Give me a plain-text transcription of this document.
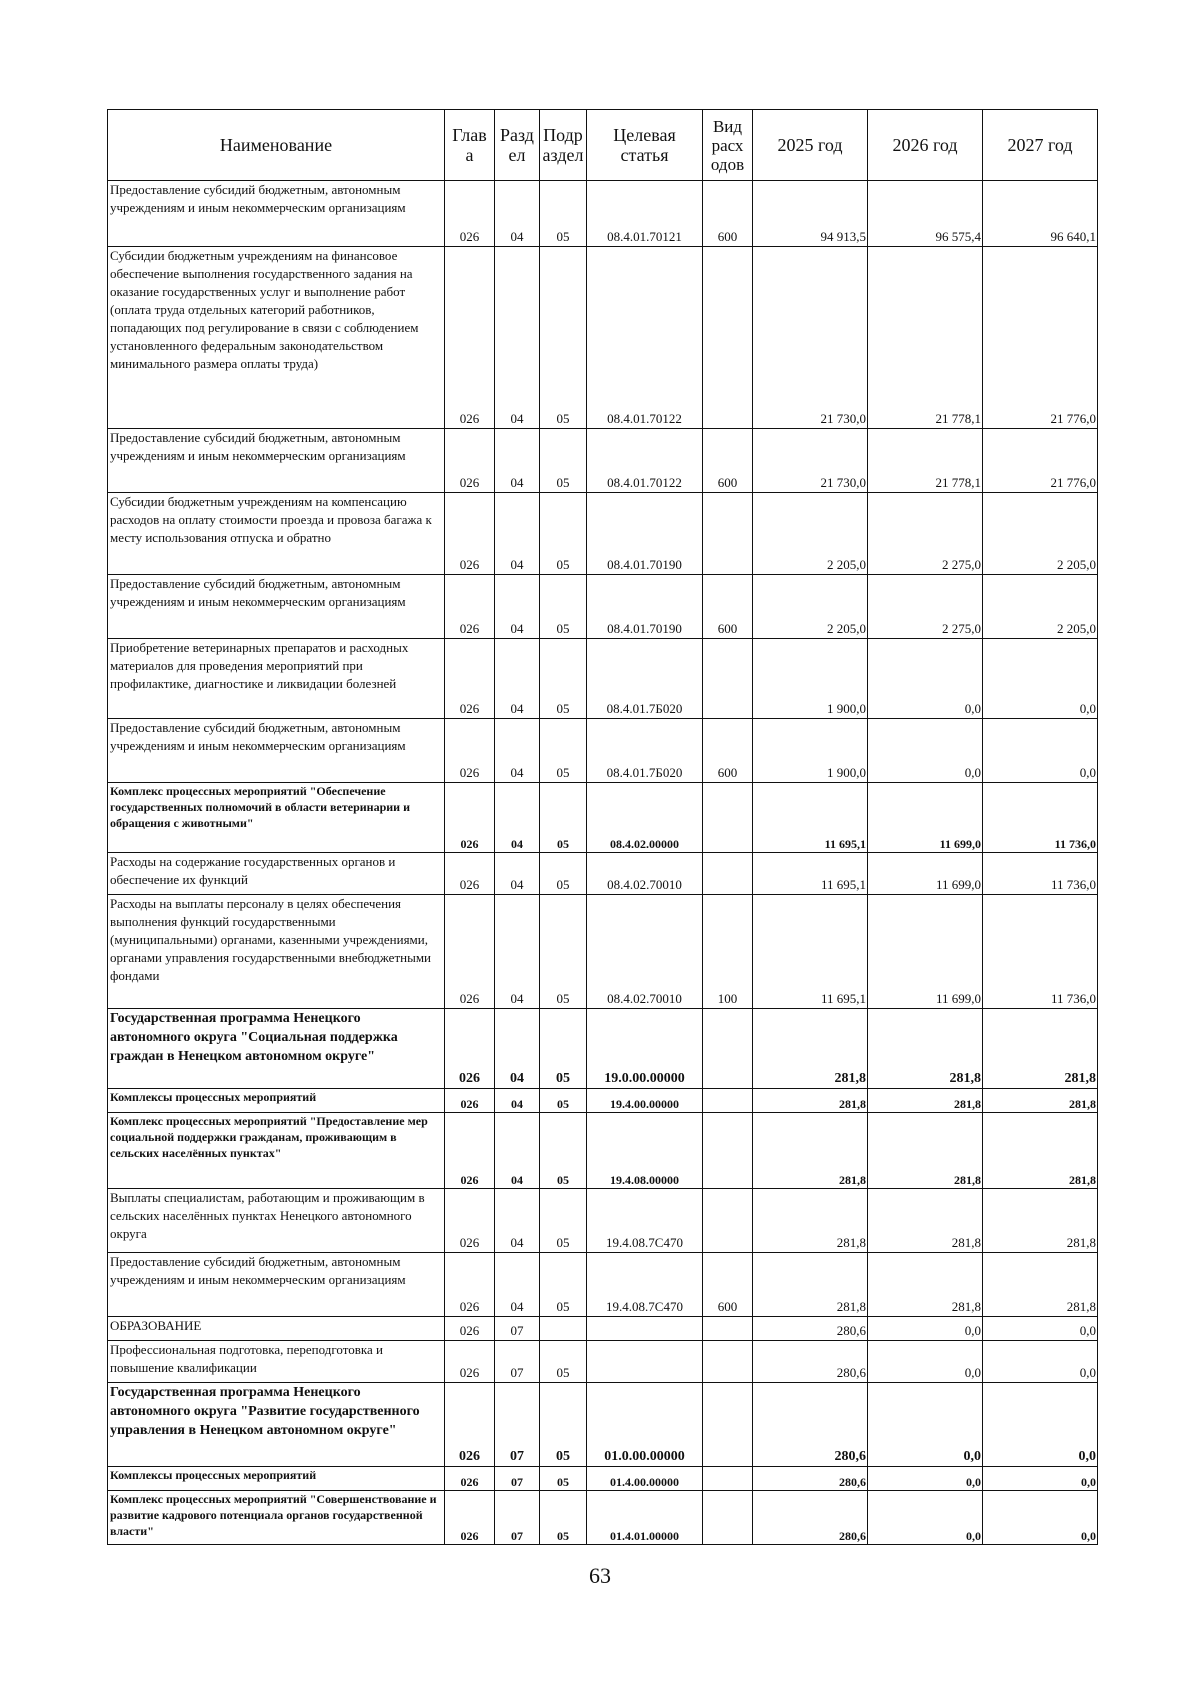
Наименование	Глав а	Разд ел	Подр аздел	Целевая статья	Вид расх одов	2025 год	2026 год	2027 год
Предоставление субсидий бюджетным, автономным учреждениям и иным некоммерческим организациям	026	04	05	08.4.01.70121	600	94 913,5	96 575,4	96 640,1
Субсидии бюджетным учреждениям на финансовое обеспечение выполнения государственного задания на оказание государственных услуг и выполнение работ (оплата труда отдельных категорий работников, попадающих под регулирование в связи с соблюдением установленного федеральным законодательством минимального размера оплаты труда)	026	04	05	08.4.01.70122		21 730,0	21 778,1	21 776,0
Предоставление субсидий бюджетным, автономным учреждениям и иным некоммерческим организациям	026	04	05	08.4.01.70122	600	21 730,0	21 778,1	21 776,0
Субсидии бюджетным учреждениям на компенсацию расходов на оплату стоимости проезда и провоза багажа к месту использования отпуска и обратно	026	04	05	08.4.01.70190		2 205,0	2 275,0	2 205,0
Предоставление субсидий бюджетным, автономным учреждениям и иным некоммерческим организациям	026	04	05	08.4.01.70190	600	2 205,0	2 275,0	2 205,0
Приобретение ветеринарных препаратов и расходных материалов для проведения мероприятий при профилактике, диагностике и ликвидации болезней	026	04	05	08.4.01.7Б020		1 900,0	0,0	0,0
Предоставление субсидий бюджетным, автономным учреждениям и иным некоммерческим организациям	026	04	05	08.4.01.7Б020	600	1 900,0	0,0	0,0
Комплекс процессных мероприятий "Обеспечение государственных полномочий в области ветеринарии и обращения с животными"	026	04	05	08.4.02.00000		11 695,1	11 699,0	11 736,0
Расходы на содержание государственных органов и обеспечение их функций	026	04	05	08.4.02.70010		11 695,1	11 699,0	11 736,0
Расходы на выплаты персоналу в целях обеспечения выполнения функций государственными (муниципальными) органами, казенными учреждениями, органами управления государственными внебюджетными фондами	026	04	05	08.4.02.70010	100	11 695,1	11 699,0	11 736,0
Государственная программа Ненецкого автономного округа "Социальная поддержка граждан в Ненецком автономном округе"	026	04	05	19.0.00.00000		281,8	281,8	281,8
Комплексы процессных мероприятий	026	04	05	19.4.00.00000		281,8	281,8	281,8
Комплекс процессных мероприятий "Предоставление мер социальной поддержки гражданам, проживающим в сельских населённых пунктах"	026	04	05	19.4.08.00000		281,8	281,8	281,8
Выплаты специалистам, работающим и проживающим в сельских населённых пунктах Ненецкого автономного округа	026	04	05	19.4.08.7С470		281,8	281,8	281,8
Предоставление субсидий бюджетным, автономным учреждениям и иным некоммерческим организациям	026	04	05	19.4.08.7С470	600	281,8	281,8	281,8
ОБРАЗОВАНИЕ	026	07				280,6	0,0	0,0
Профессиональная подготовка, переподготовка и повышение квалификации	026	07	05			280,6	0,0	0,0
Государственная программа Ненецкого автономного округа "Развитие государственного управления в Ненецком автономном округе"	026	07	05	01.0.00.00000		280,6	0,0	0,0
Комплексы процессных мероприятий	026	07	05	01.4.00.00000		280,6	0,0	0,0
Комплекс процессных мероприятий "Совершенствование и развитие кадрового потенциала органов государственной власти"	026	07	05	01.4.01.00000		280,6	0,0	0,0
63
